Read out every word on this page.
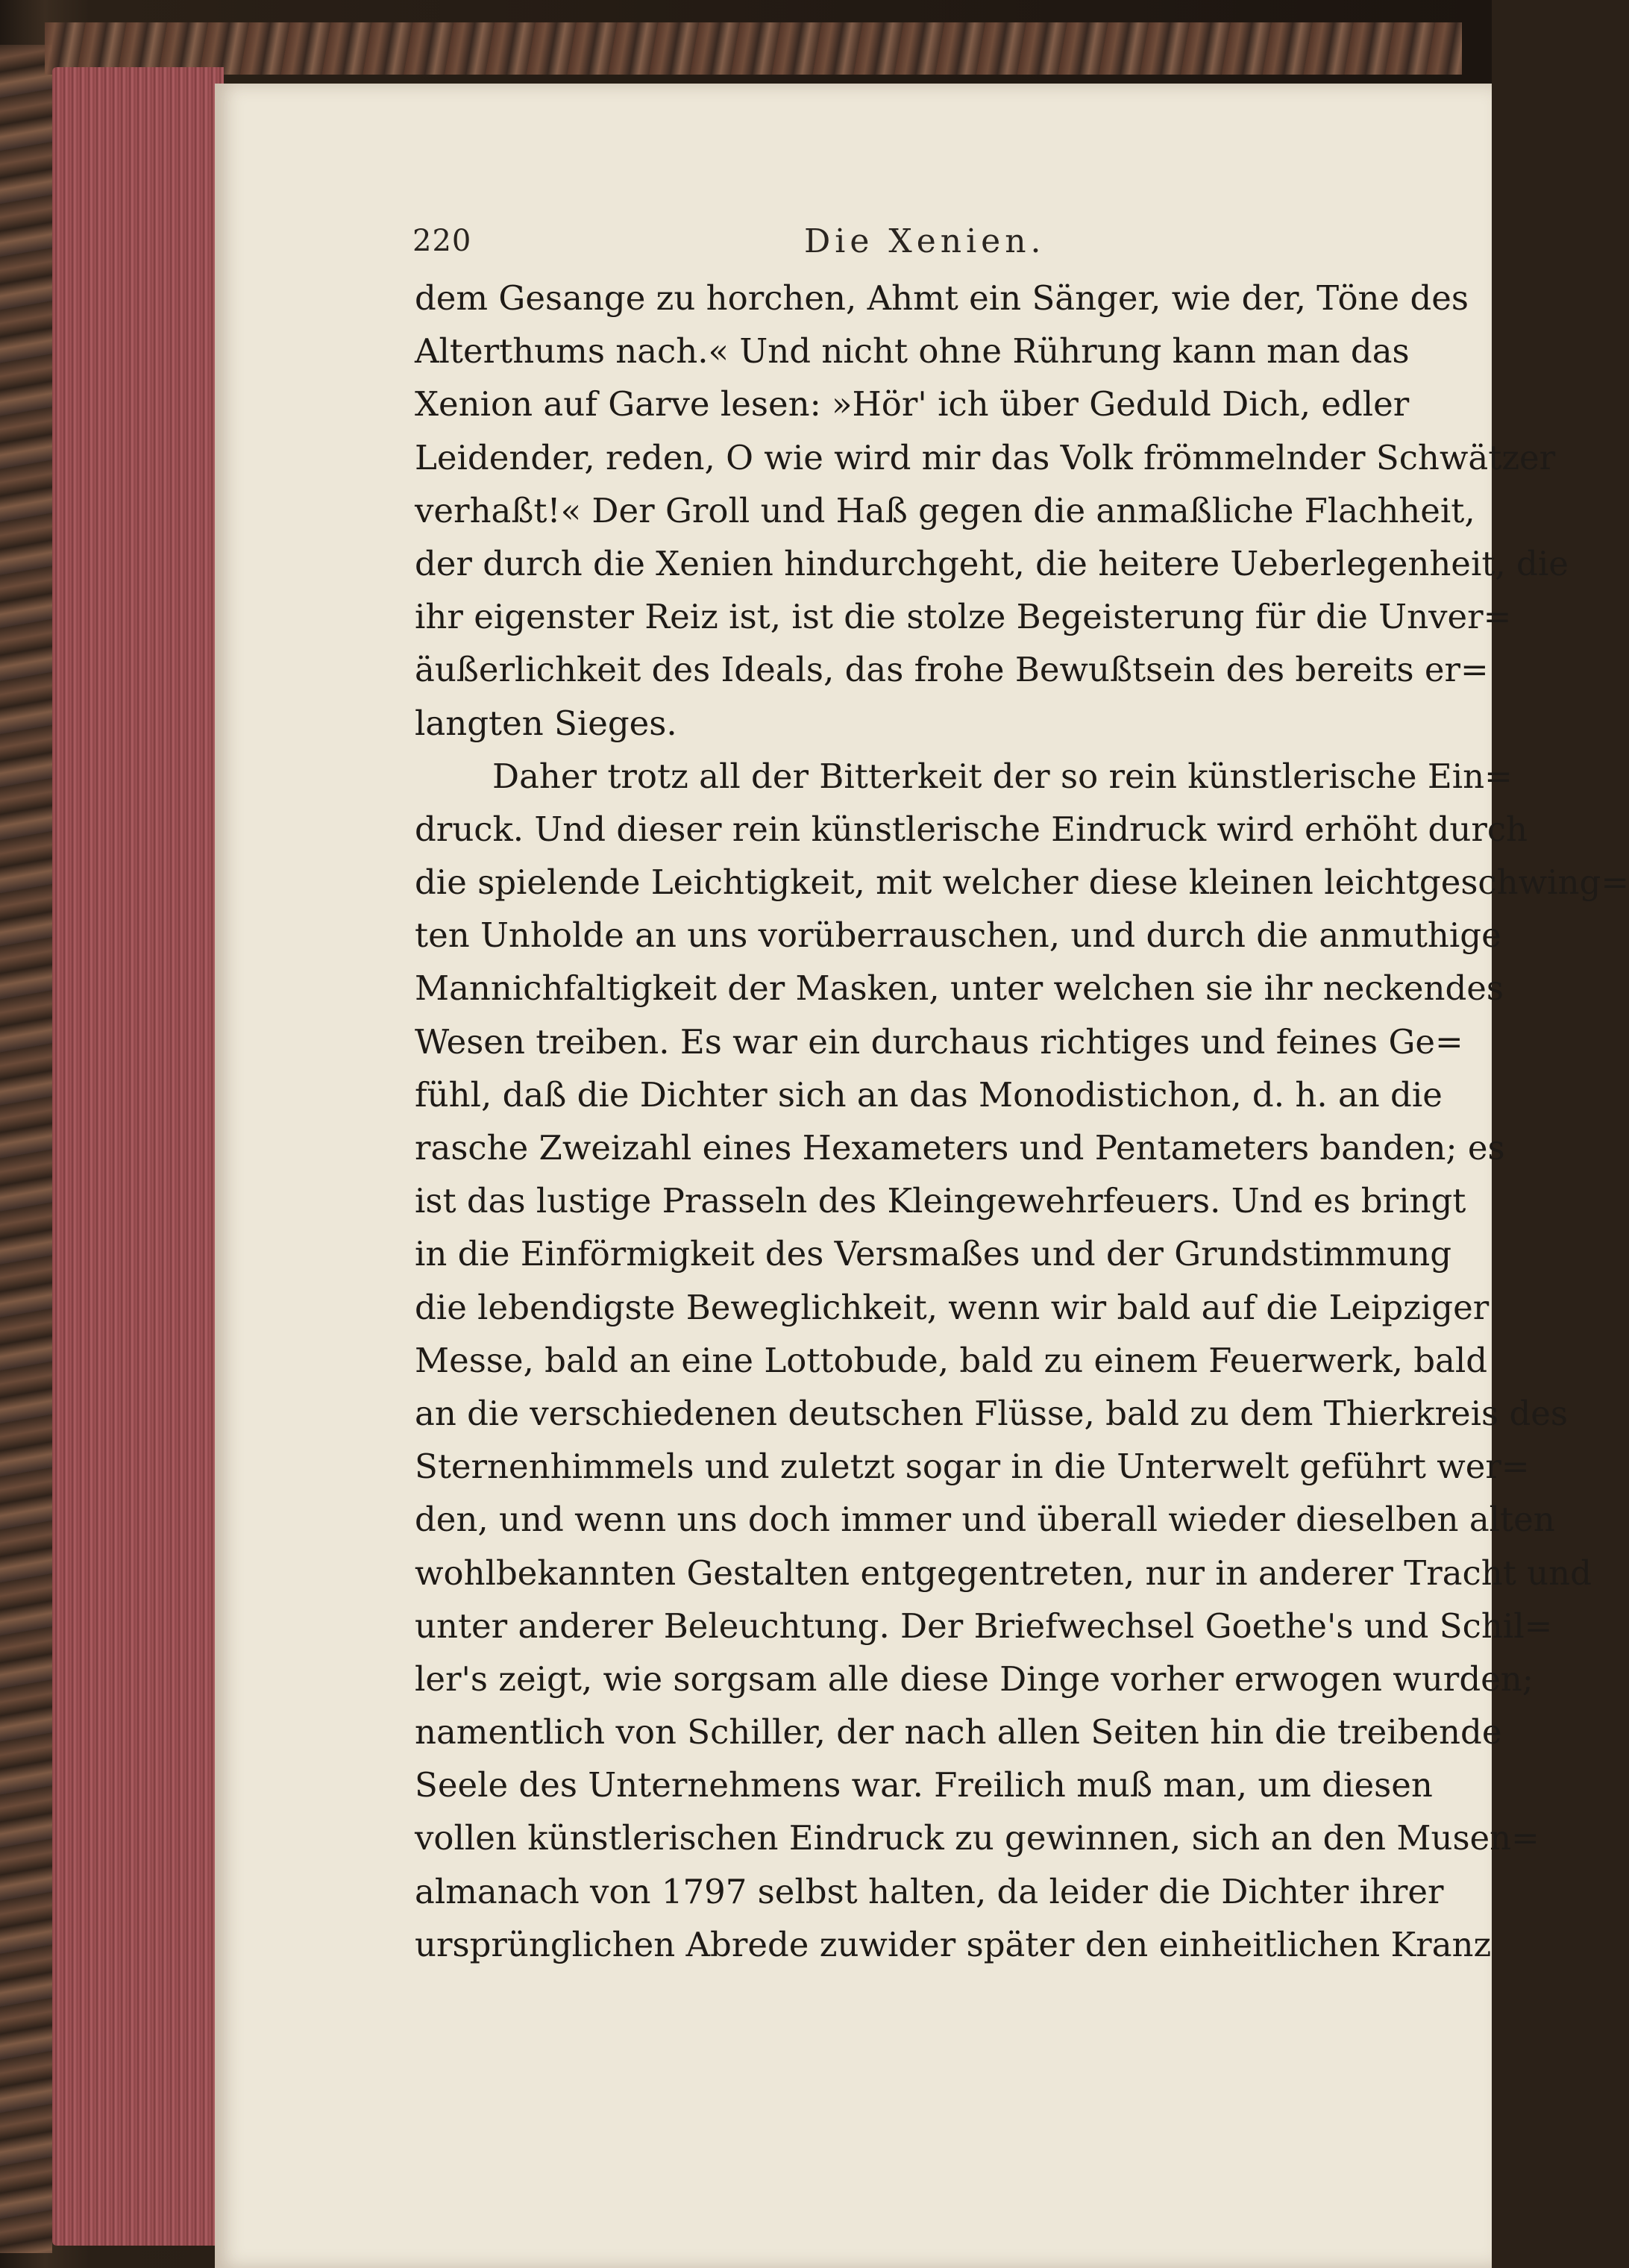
220	Die Xenien.
dem Gesange zu horchen, Ahmt ein Sänger, wie der, Töne des
Alterthums nach.« Und nicht ohne Rührung kann man das
Xenion auf Garve lesen: »Hör' ich über Geduld Dich, edler
Leidender, reden, O wie wird mir das Volk frömmelnder Schwätzer
verhaßt!« Der Groll und Haß gegen die anmaßliche Flachheit,
der durch die Xenien hindurchgeht, die heitere Ueberlegenheit, die
ihr eigenster Reiz ist, ist die stolze Begeisterung für die Unver=
äußerlichkeit des Ideals, das frohe Bewußtsein des bereits er=
langten Sieges.
Daher trotz all der Bitterkeit der so rein künstlerische Ein=
druck. Und dieser rein künstlerische Eindruck wird erhöht durch
die spielende Leichtigkeit, mit welcher diese kleinen leichtgeschwing=
ten Unholde an uns vorüberrauschen, und durch die anmuthige
Mannichfaltigkeit der Masken, unter welchen sie ihr neckendes
Wesen treiben. Es war ein durchaus richtiges und feines Ge=
fühl, daß die Dichter sich an das Monodistichon, d. h. an die
rasche Zweizahl eines Hexameters und Pentameters banden; es
ist das lustige Prasseln des Kleingewehrfeuers. Und es bringt
in die Einförmigkeit des Versmaßes und der Grundstimmung
die lebendigste Beweglichkeit, wenn wir bald auf die Leipziger
Messe, bald an eine Lottobude, bald zu einem Feuerwerk, bald
an die verschiedenen deutschen Flüsse, bald zu dem Thierkreis des
Sternenhimmels und zuletzt sogar in die Unterwelt geführt wer=
den, und wenn uns doch immer und überall wieder dieselben alten
wohlbekannten Gestalten entgegentreten, nur in anderer Tracht und
unter anderer Beleuchtung. Der Briefwechsel Goethe's und Schil=
ler's zeigt, wie sorgsam alle diese Dinge vorher erwogen wurden;
namentlich von Schiller, der nach allen Seiten hin die treibende
Seele des Unternehmens war. Freilich muß man, um diesen
vollen künstlerischen Eindruck zu gewinnen, sich an den Musen=
almanach von 1797 selbst halten, da leider die Dichter ihrer
ursprünglichen Abrede zuwider später den einheitlichen Kranz
